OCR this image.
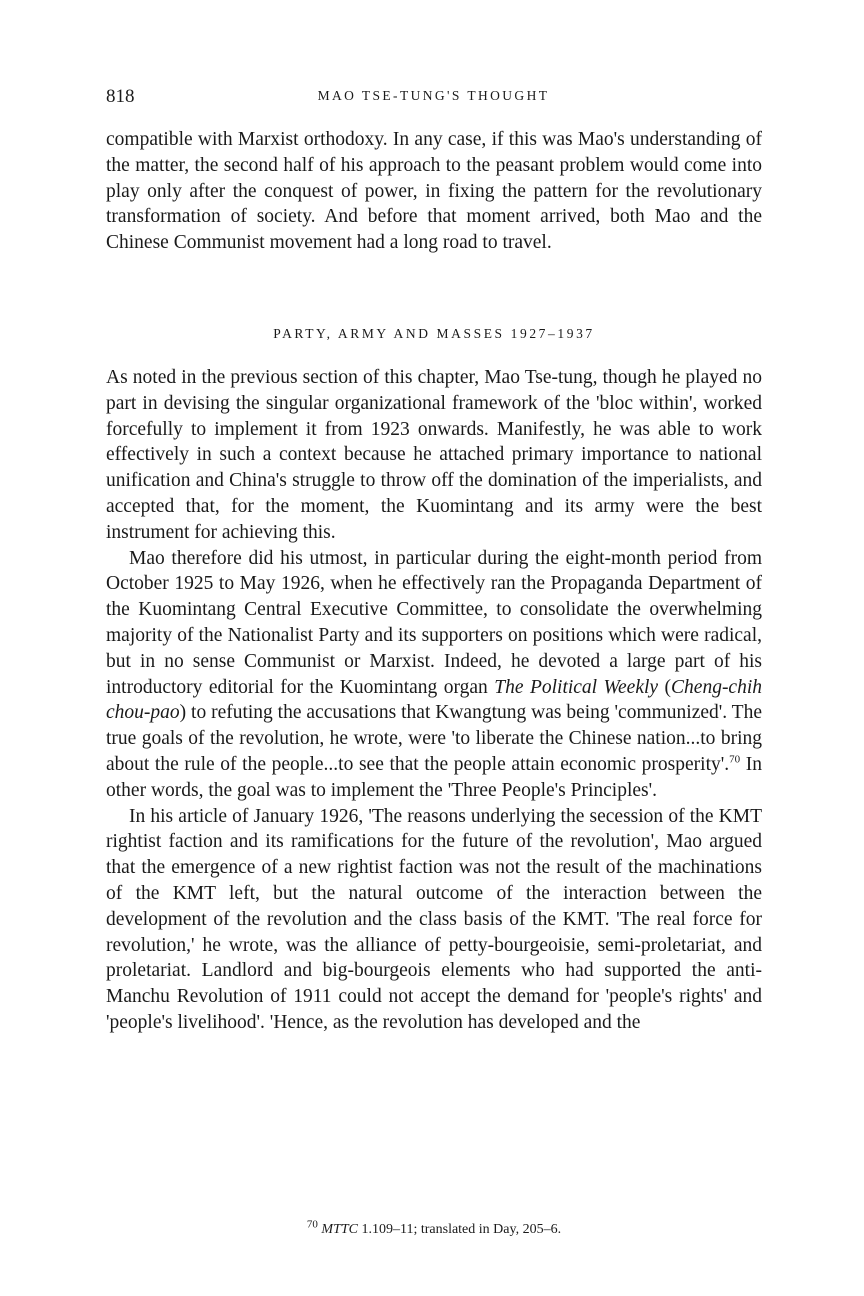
818	MAO TSE-TUNG'S THOUGHT

compatible with Marxist orthodoxy. In any case, if this was Mao's understanding of the matter, the second half of his approach to the peasant problem would come into play only after the conquest of power, in fixing the pattern for the revolutionary transformation of society. And before that moment arrived, both Mao and the Chinese Communist movement had a long road to travel.

PARTY, ARMY AND MASSES 1927–1937

As noted in the previous section of this chapter, Mao Tse-tung, though he played no part in devising the singular organizational framework of the 'bloc within', worked forcefully to implement it from 1923 onwards. Manifestly, he was able to work effectively in such a context because he attached primary importance to national unification and China's struggle to throw off the domination of the imperialists, and accepted that, for the moment, the Kuomintang and its army were the best instrument for achieving this.

Mao therefore did his utmost, in particular during the eight-month period from October 1925 to May 1926, when he effectively ran the Propaganda Department of the Kuomintang Central Executive Committee, to consolidate the overwhelming majority of the Nationalist Party and its supporters on positions which were radical, but in no sense Communist or Marxist. Indeed, he devoted a large part of his introductory editorial for the Kuomintang organ The Political Weekly (Cheng-chih chou-pao) to refuting the accusations that Kwangtung was being 'communized'. The true goals of the revolution, he wrote, were 'to liberate the Chinese nation...to bring about the rule of the people...to see that the people attain economic prosperity'.$^{70}$ In other words, the goal was to implement the 'Three People's Principles'.

In his article of January 1926, 'The reasons underlying the secession of the KMT rightist faction and its ramifications for the future of the revolution', Mao argued that the emergence of a new rightist faction was not the result of the machinations of the KMT left, but the natural outcome of the interaction between the development of the revolution and the class basis of the KMT. 'The real force for revolution,' he wrote, was the alliance of petty-bourgeoisie, semi-proletariat, and proletariat. Landlord and big-bourgeois elements who had supported the anti-Manchu Revolution of 1911 could not accept the demand for 'people's rights' and 'people's livelihood'. 'Hence, as the revolution has developed and the

$^{70}$ MTTC 1.109–11; translated in Day, 205–6.
